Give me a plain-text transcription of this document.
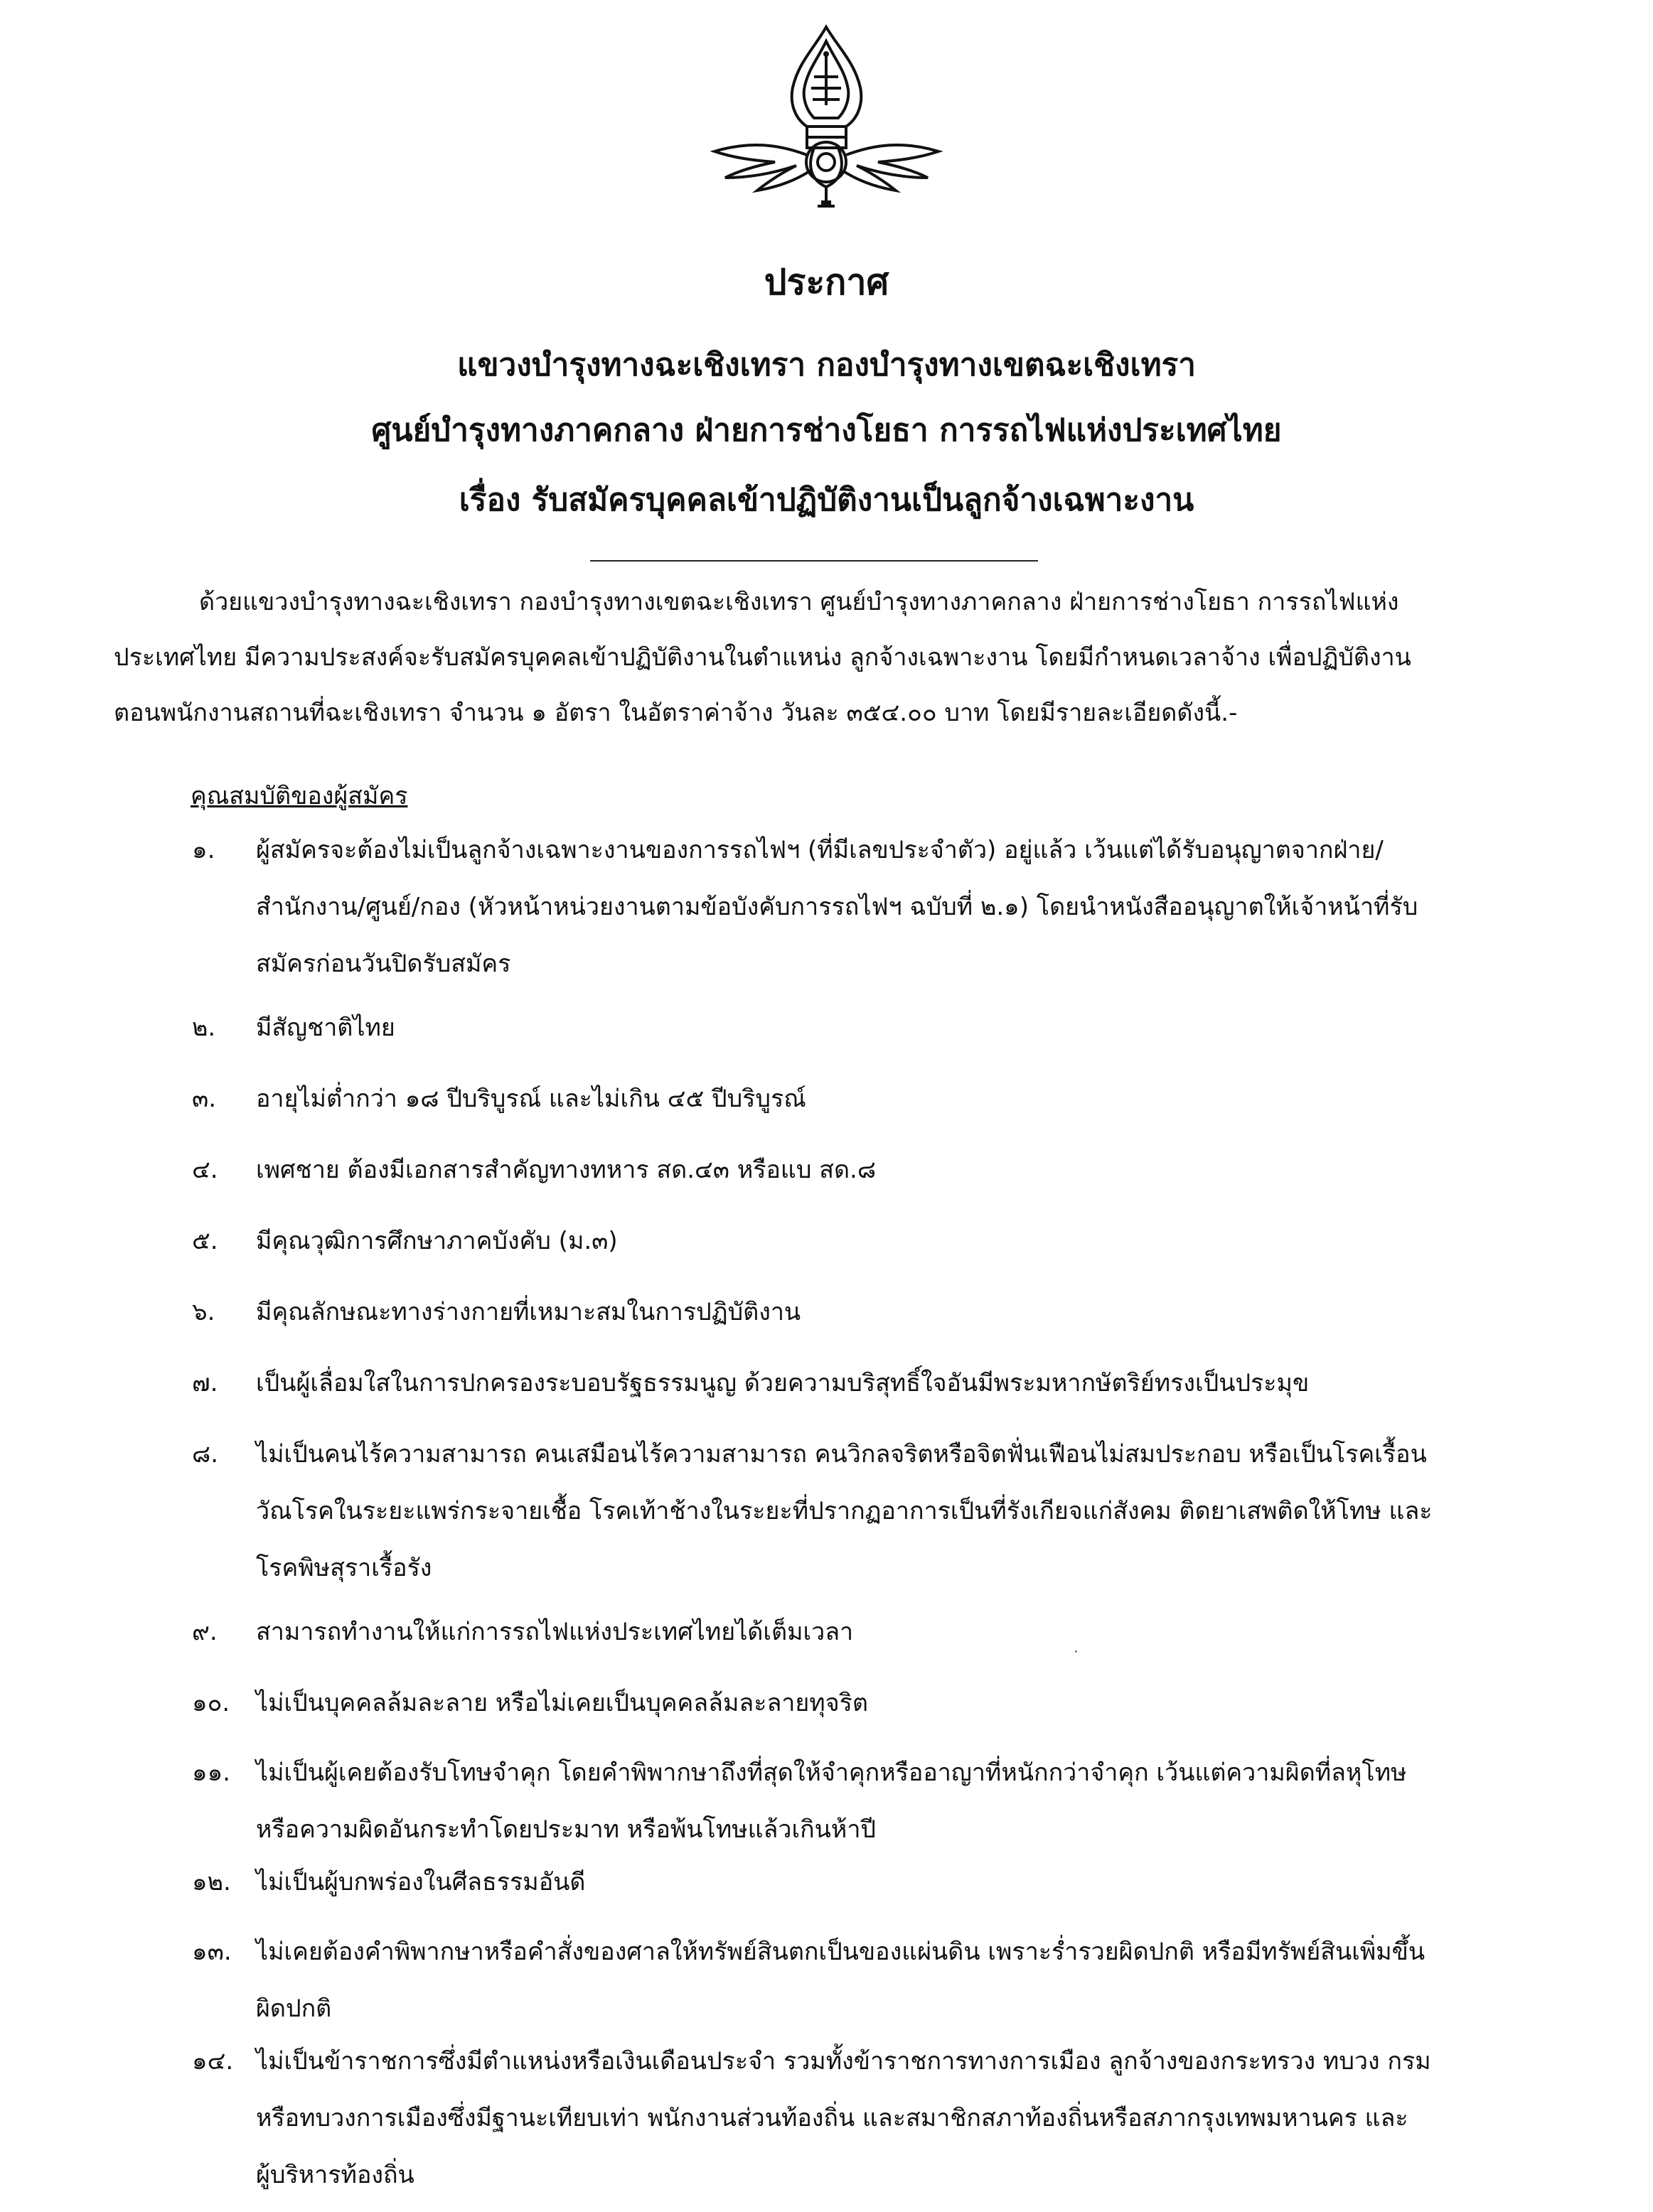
ประกาศ
แขวงบำรุงทางฉะเชิงเทรา กองบำรุงทางเขตฉะเชิงเทรา
ศูนย์บำรุงทางภาคกลาง ฝ่ายการช่างโยธา การรถไฟแห่งประเทศไทย
เรื่อง รับสมัครบุคคลเข้าปฏิบัติงานเป็นลูกจ้างเฉพาะงาน
ด้วยแขวงบำรุงทางฉะเชิงเทรา กองบำรุงทางเขตฉะเชิงเทรา ศูนย์บำรุงทางภาคกลาง ฝ่ายการช่างโยธา การรถไฟแห่ง
ประเทศไทย มีความประสงค์จะรับสมัครบุคคลเข้าปฏิบัติงานในตำแหน่ง ลูกจ้างเฉพาะงาน โดยมีกำหนดเวลาจ้าง เพื่อปฏิบัติงาน
ตอนพนักงานสถานที่ฉะเชิงเทรา จำนวน ๑ อัตรา ในอัตราค่าจ้าง วันละ ๓๕๔.๐๐ บาท โดยมีรายละเอียดดังนี้.-
คุณสมบัติของผู้สมัคร
๑.	ผู้สมัครจะต้องไม่เป็นลูกจ้างเฉพาะงานของการรถไฟฯ (ที่มีเลขประจำตัว) อยู่แล้ว เว้นแต่ได้รับอนุญาตจากฝ่าย/
สำนักงาน/ศูนย์/กอง (หัวหน้าหน่วยงานตามข้อบังคับการรถไฟฯ ฉบับที่ ๒.๑) โดยนำหนังสืออนุญาตให้เจ้าหน้าที่รับ
สมัครก่อนวันปิดรับสมัคร
๒.	มีสัญชาติไทย
๓.	อายุไม่ต่ำกว่า ๑๘ ปีบริบูรณ์ และไม่เกิน ๔๕ ปีบริบูรณ์
๔.	เพศชาย ต้องมีเอกสารสำคัญทางทหาร สด.๔๓ หรือแบ สด.๘
๕.	มีคุณวุฒิการศึกษาภาคบังคับ (ม.๓)
๖.	มีคุณลักษณะทางร่างกายที่เหมาะสมในการปฏิบัติงาน
๗.	เป็นผู้เลื่อมใสในการปกครองระบอบรัฐธรรมนูญ ด้วยความบริสุทธิ์ใจอันมีพระมหากษัตริย์ทรงเป็นประมุข
๘.	ไม่เป็นคนไร้ความสามารถ คนเสมือนไร้ความสามารถ คนวิกลจริตหรือจิตฟั่นเฟือนไม่สมประกอบ หรือเป็นโรคเรื้อน
วัณโรคในระยะแพร่กระจายเชื้อ โรคเท้าช้างในระยะที่ปรากฏอาการเป็นที่รังเกียจแก่สังคม ติดยาเสพติดให้โทษ และ
โรคพิษสุราเรื้อรัง
๙.	สามารถทำงานให้แก่การรถไฟแห่งประเทศไทยได้เต็มเวลา
๑๐.	ไม่เป็นบุคคลล้มละลาย หรือไม่เคยเป็นบุคคลล้มละลายทุจริต
๑๑.	ไม่เป็นผู้เคยต้องรับโทษจำคุก โดยคำพิพากษาถึงที่สุดให้จำคุกหรืออาญาที่หนักกว่าจำคุก เว้นแต่ความผิดที่ลหุโทษ
หรือความผิดอันกระทำโดยประมาท หรือพ้นโทษแล้วเกินห้าปี
๑๒.	ไม่เป็นผู้บกพร่องในศีลธรรมอันดี
๑๓.	ไม่เคยต้องคำพิพากษาหรือคำสั่งของศาลให้ทรัพย์สินตกเป็นของแผ่นดิน เพราะร่ำรวยผิดปกติ หรือมีทรัพย์สินเพิ่มขึ้น
ผิดปกติ
๑๔. ไม่เป็นข้าราชการซึ่งมีตำแหน่งหรือเงินเดือนประจำ รวมทั้งข้าราชการทางการเมือง ลูกจ้างของกระทรวง ทบวง กรม
หรือทบวงการเมืองซึ่งมีฐานะเทียบเท่า พนักงานส่วนท้องถิ่น และสมาชิกสภาท้องถิ่นหรือสภากรุงเทพมหานคร และ
ผู้บริหารท้องถิ่น
